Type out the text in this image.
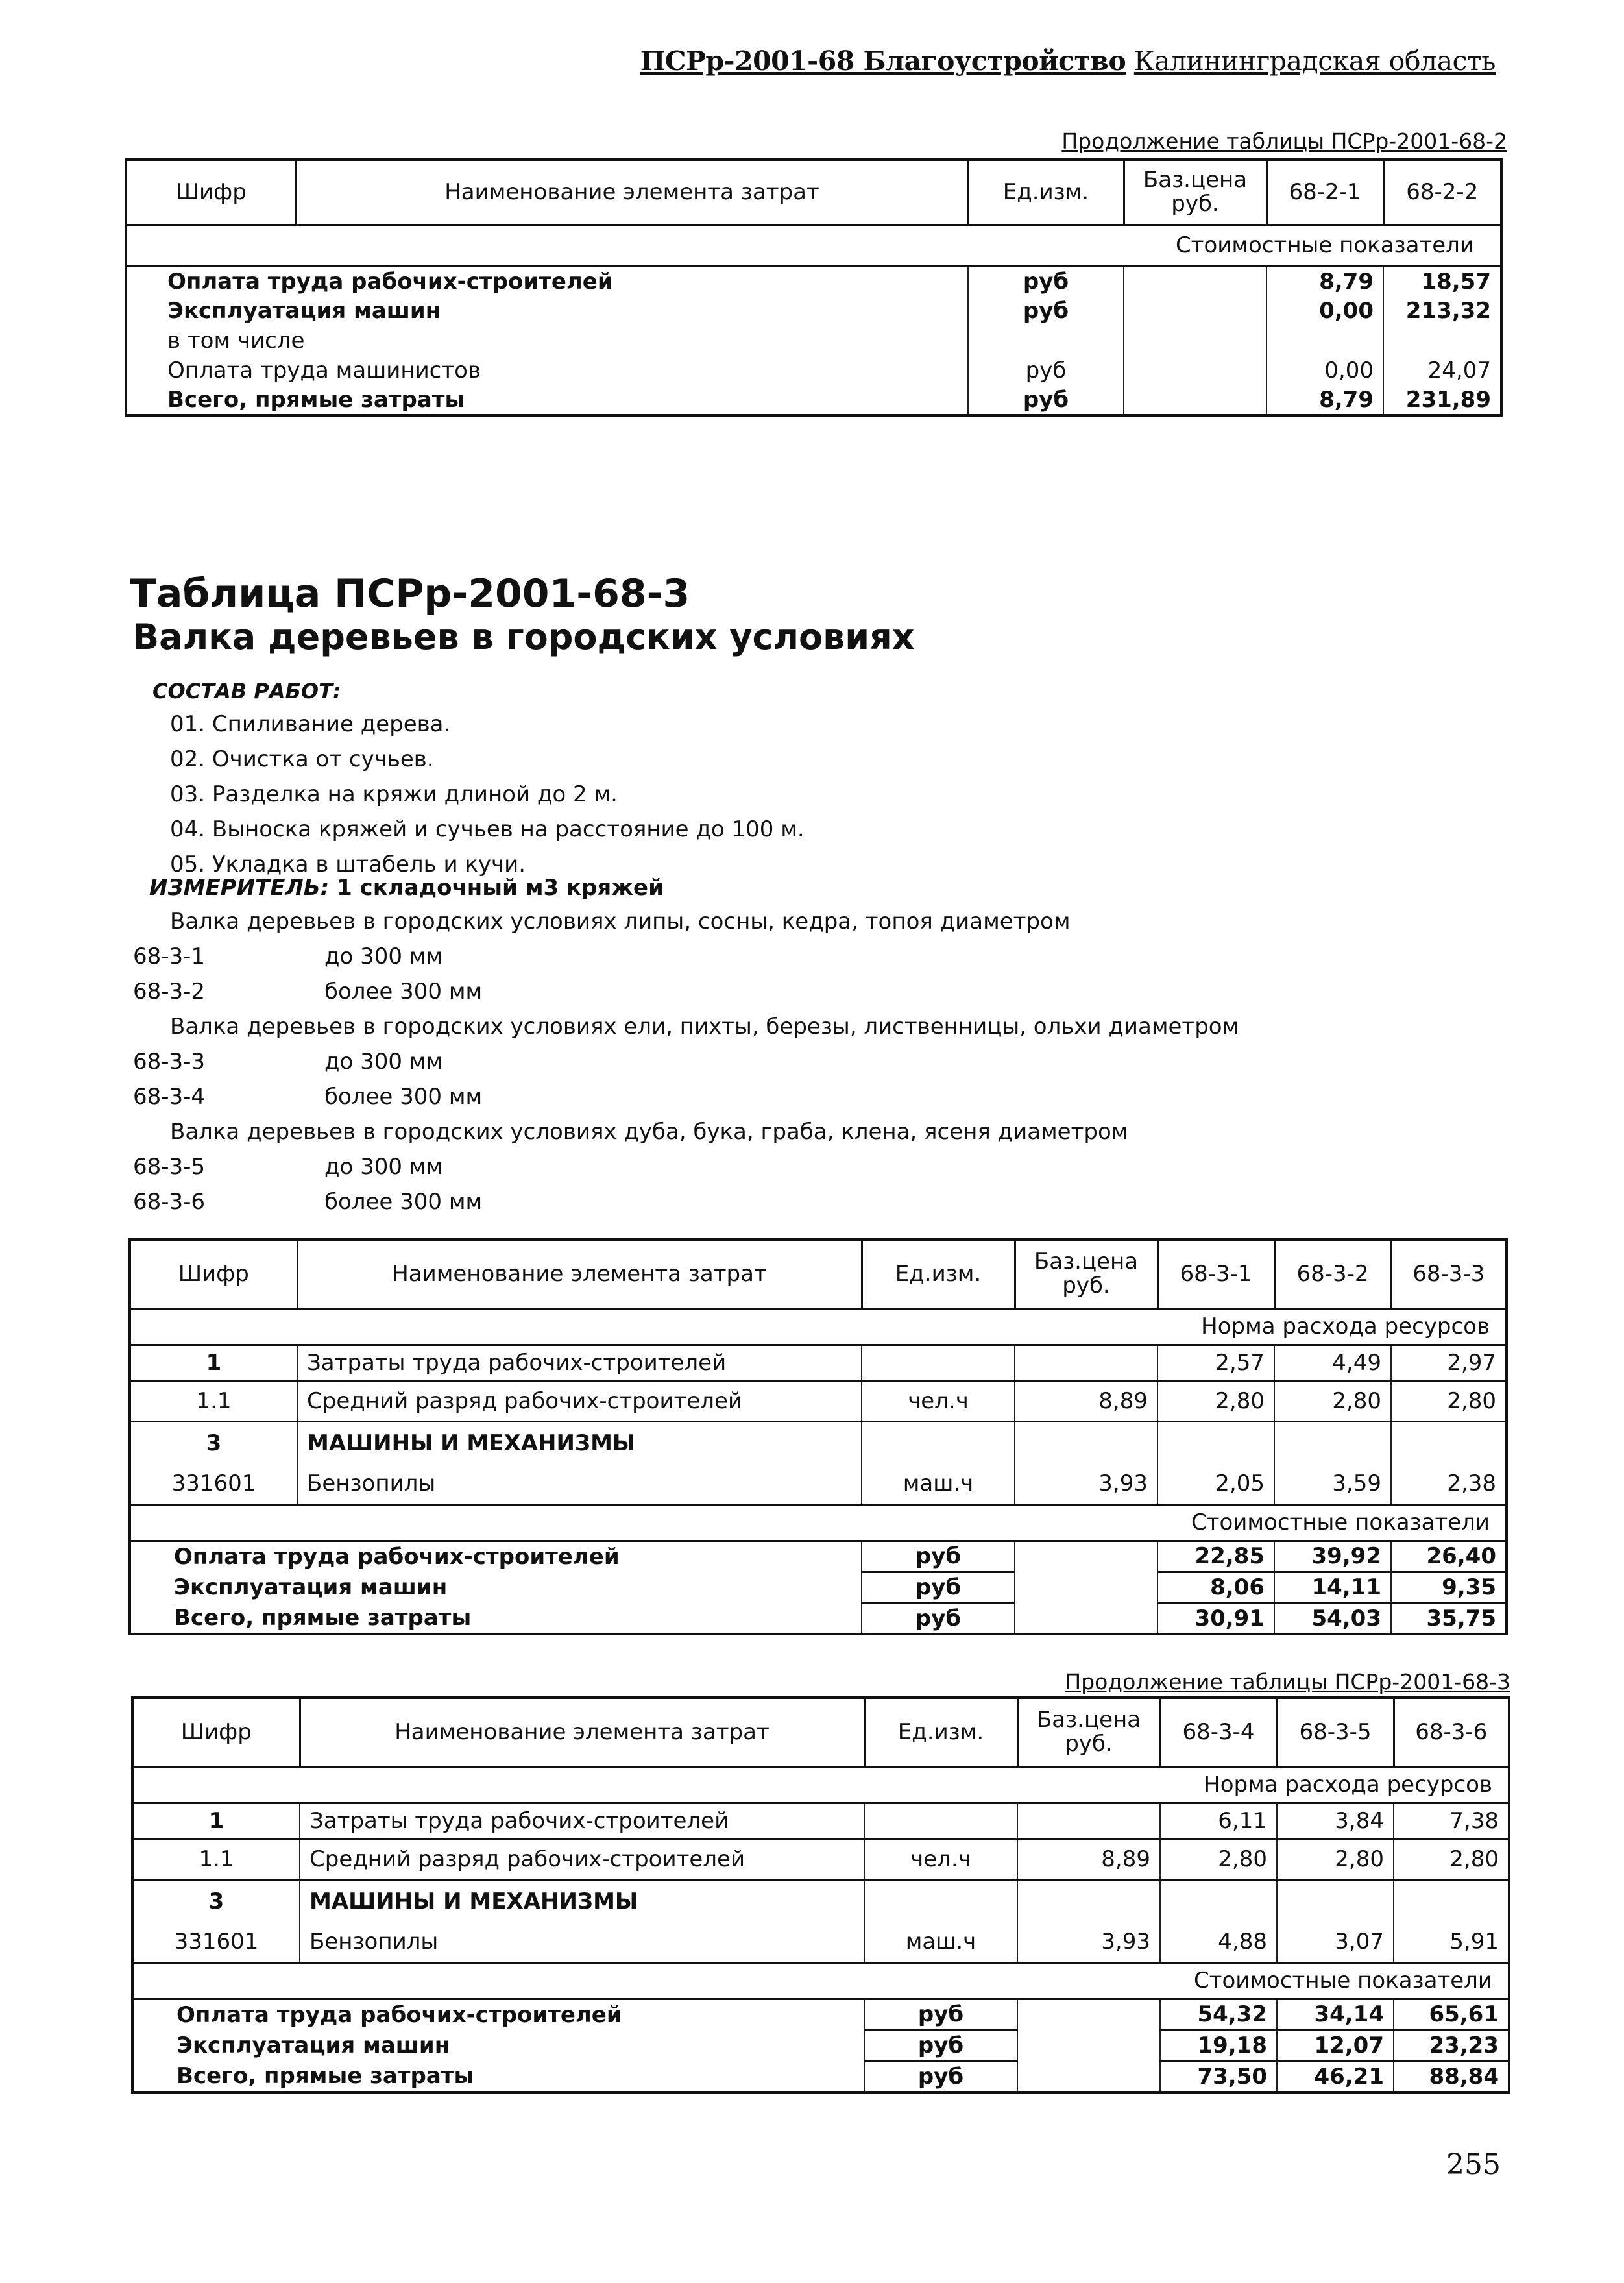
ПСРр-2001-68 Благоустройство Калининградская область
Продолжение таблицы ПСРр-2001-68-2
Шифр	Наименование элемента затрат	Ед.изм.	Баз.цена руб.	68-2-1	68-2-2
Стоимостные показатели					
Оплата труда рабочих-строителей		руб		8,79	18,57
Эксплуатация машин		руб		0,00	213,32
в том числе					
Оплата труда машинистов		руб		0,00	24,07
Всего, прямые затраты		руб		8,79	231,89
Таблица ПСРр-2001-68-3
Валка деревьев в городских условиях
СОСТАВ РАБОТ:
01. Спиливание дерева.
02. Очистка от сучьев.
03. Разделка на кряжи длиной до 2 м.
04. Выноска кряжей и сучьев на расстояние до 100 м.
05. Укладка в штабель и кучи.
ИЗМЕРИТЕЛЬ: 1 складочный м3 кряжей
Валка деревьев в городских условиях липы, сосны, кедра, топоя диаметром
68-3-1	до 300 мм
68-3-2	более 300 мм
Валка деревьев в городских условиях ели, пихты, березы, лиственницы, ольхи диаметром
68-3-3	до 300 мм
68-3-4	более 300 мм
Валка деревьев в городских условиях дуба, бука, граба, клена, ясеня диаметром
68-3-5	до 300 мм
68-3-6	более 300 мм
Шифр	Наименование элемента затрат	Ед.изм.	Баз.цена руб.	68-3-1	68-3-2	68-3-3
Норма расхода ресурсов						
1	Затраты труда рабочих-строителей			2,57	4,49	2,97
1.1	Средний разряд рабочих-строителей	чел.ч	8,89	2,80	2,80	2,80
3	МАШИНЫ И МЕХАНИЗМЫ					
331601	Бензопилы	маш.ч	3,93	2,05	3,59	2,38
Стоимостные показатели						
Оплата труда рабочих-строителей		руб		22,85	39,92	26,40
Эксплуатация машин		руб		8,06	14,11	9,35
Всего, прямые затраты		руб		30,91	54,03	35,75
Продолжение таблицы ПСРр-2001-68-3
Шифр	Наименование элемента затрат	Ед.изм.	Баз.цена руб.	68-3-4	68-3-5	68-3-6
Норма расхода ресурсов						
1	Затраты труда рабочих-строителей			6,11	3,84	7,38
1.1	Средний разряд рабочих-строителей	чел.ч	8,89	2,80	2,80	2,80
3	МАШИНЫ И МЕХАНИЗМЫ					
331601	Бензопилы	маш.ч	3,93	4,88	3,07	5,91
Стоимостные показатели						
Оплата труда рабочих-строителей		руб		54,32	34,14	65,61
Эксплуатация машин		руб		19,18	12,07	23,23
Всего, прямые затраты		руб		73,50	46,21	88,84
255
